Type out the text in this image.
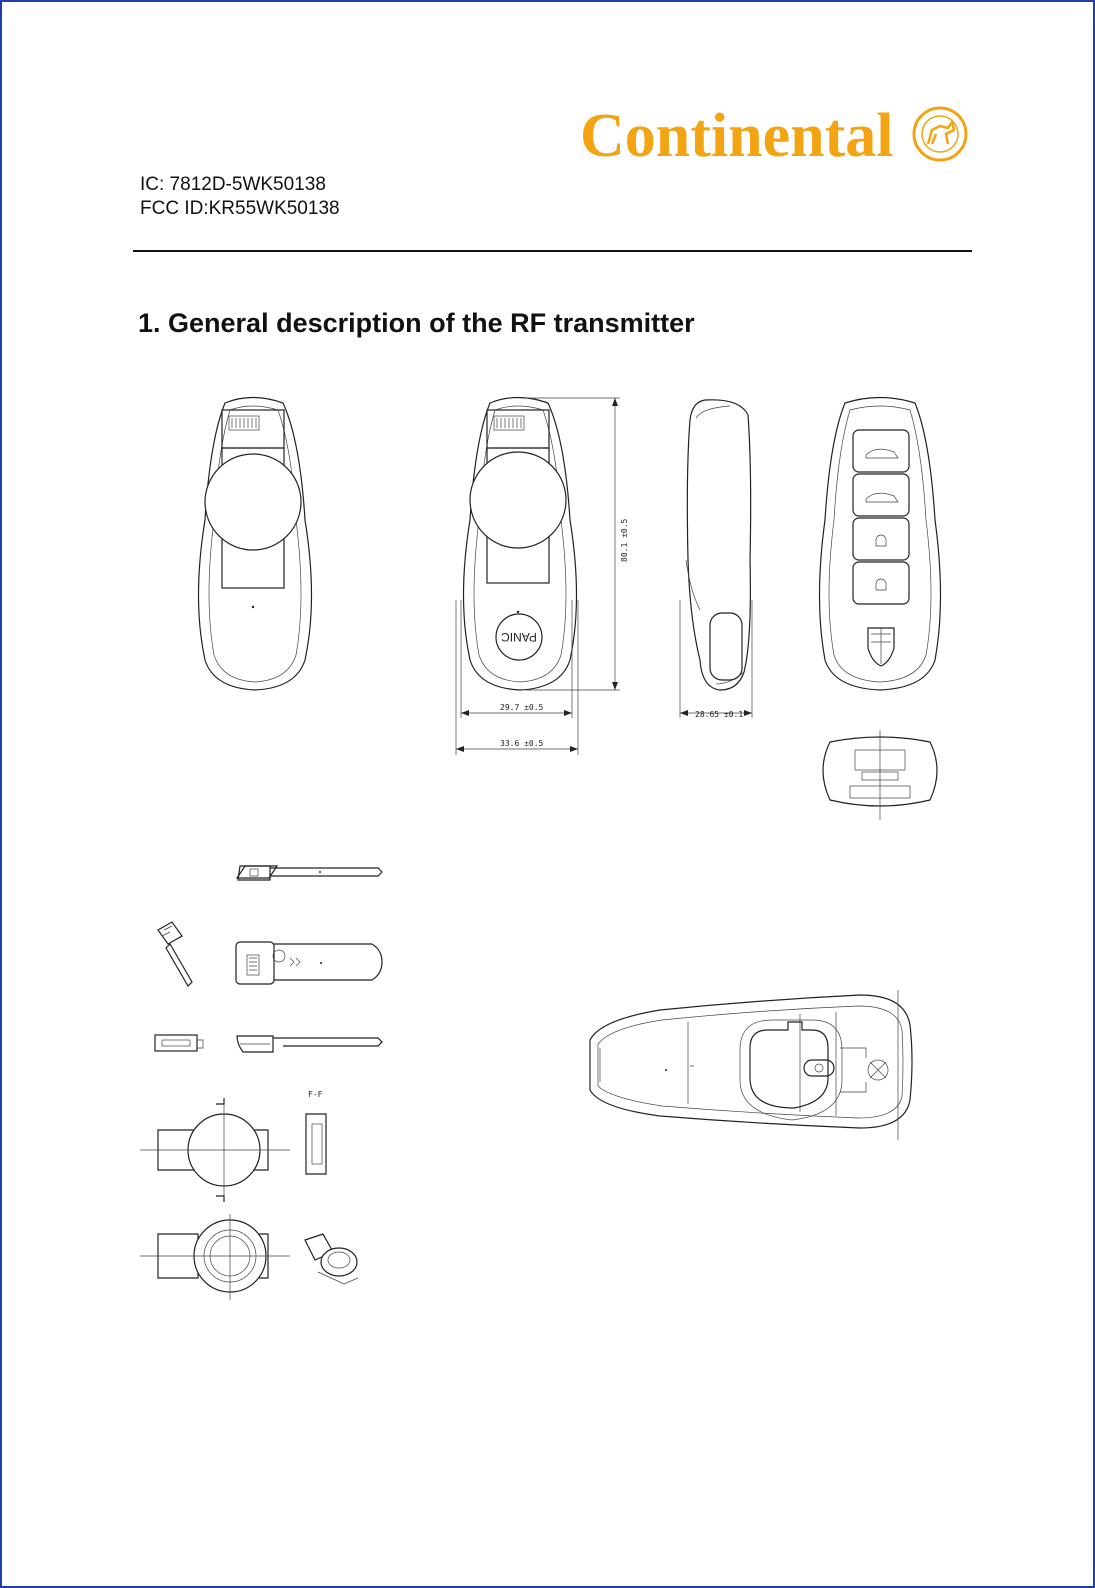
Continental
IC: 7812D-5WK50138
FCC ID:KR55WK50138
1. General description of the RF transmitter
PANIC
80.1 ±0.5
29.7 ±0.5
33.6 ±0.5
28.65 ±0.1
F-F
